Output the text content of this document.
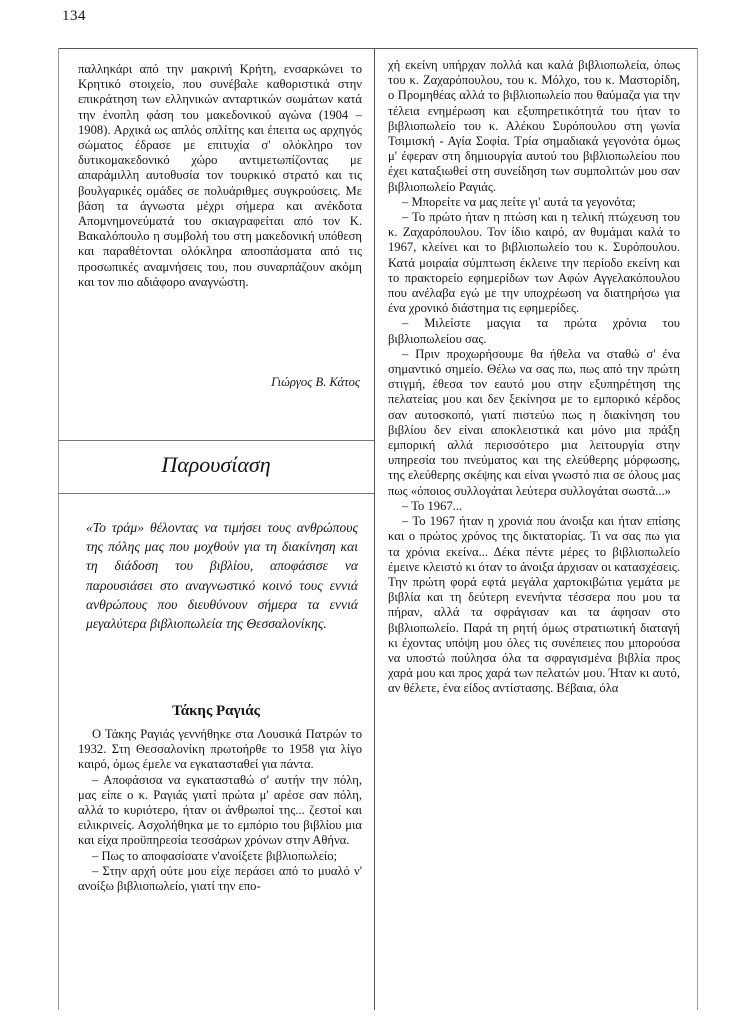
134

παλληκάρι από την μακρινή Κρήτη, ενσαρκώνει το Κρητικό στοιχείο, που συνέβαλε καθοριστικά στην επικράτηση των ελληνικών ανταρτικών σωμάτων κατά την ένοπλη φάση του μακεδονικού αγώνα (1904 – 1908). Αρχικά ως απλός οπλίτης και έπειτα ως αρχηγός σώματος έδρασε με επιτυχία σ' ολόκληρο τον δυτικομακεδονικό χώρο αντιμετωπίζοντας με απαράμιλλη αυτοθυσία τον τουρκικό στρατό και τις βουλγαρικές ομάδες σε πολυάριθμες συγκρούσεις. Με βάση τα άγνωστα μέχρι σήμερα και ανέκδοτα Απομνημονεύματά του σκιαγραφείται από τον Κ. Βακαλόπουλο η συμβολή του στη μακεδονική υπόθεση και παραθέτονται ολόκληρα αποσπάσματα από τις προσωπικές αναμνήσεις του, που συναρπάζουν ακόμη και τον πιο αδιάφορο αναγνώστη.

Γιώργος Β. Κάτος
Παρουσίαση
«Το τράμ» θέλοντας να τιμήσει τους ανθρώπους της πόλης μας που μοχθούν για τη διακίνηση και τη διάδοση του βιβλίου, αποφάσισε να παρουσιάσει στο αναγνωστικό κοινό τους εννιά ανθρώπους που διευθύνουν σήμερα τα εννιά μεγαλύτερα βιβλιοπωλεία της Θεσσαλονίκης.
Τάκης Ραγιάς

Ο Τάκης Ραγιάς γεννήθηκε στα Λουσικά Πατρών το 1932. Στη Θεσσαλονίκη πρωτοήρθε το 1958 για λίγο καιρό, όμως έμελε να εγκατασταθεί για πάντα.

– Αποφάσισα να εγκατασταθώ σ' αυτήν την πόλη, μας είπε ο κ. Ραγιάς γιατί πρώτα μ' αρέσε σαν πόλη, αλλά το κυριότερο, ήταν οι άνθρωποί της... ζεστοί και ειλικρινείς. Ασχολήθηκα με το εμπόριο του βιβλίου μια και είχα προϋπηρεσία τεσσάρων χρόνων στην Αθήνα.

– Πως το αποφασίσατε ν'ανοίξετε βιβλιοπωλείο;

– Στην αρχή ούτε μου είχε περάσει από το μυαλό ν' ανοίξω βιβλιοπωλείο, γιατί την επο-

χή εκείνη υπήρχαν πολλά και καλά βιβλιοπωλεία, όπως του κ. Ζαχαρόπουλου, του κ. Μόλχο, του κ. Μαστορίδη, ο Προμηθέας αλλά το βιβλιοπωλείο που θαύμαζα για την τέλεια ενημέρωση και εξυπηρετικότητά του ήταν το βιβλιοπωλείο του κ. Αλέκου Συρόπουλου στη γωνία Τσιμισκή - Αγία Σοφία. Τρία σημαδιακά γεγονότα όμως μ' έφεραν στη δημιουργία αυτού του βιβλιοπωλείου που έχει καταξιωθεί στη συνείδηση των συμπολιτών μου σαν βιβλιοπωλείο Ραγιάς.

– Μπορείτε να μας πείτε γι' αυτά τα γεγονότα;

– Το πρώτο ήταν η πτώση και η τελική πτώχευση του κ. Ζαχαρόπουλου. Τον ίδιο καιρό, αν θυμάμαι καλά το 1967, κλείνει και το βιβλιοπωλείο του κ. Συρόπουλου. Κατά μοιραία σύμπτωση έκλεινε την περίοδο εκείνη και το πρακτορείο εφημερίδων των Αφών Αγγελακόπουλου που ανέλαβα εγώ με την υποχρέωση να διατηρήσω για ένα χρονικό διάστημα τις εφημερίδες.

– Μιλείστε μαςγια τα πρώτα χρόνια του βιβλιοπωλείου σας.

– Πριν προχωρήσουμε θα ήθελα να σταθώ σ' ένα σημαντικό σημείο. Θέλω να σας πω, πως από την πρώτη στιγμή, έθεσα τον εαυτό μου στην εξυπηρέτηση της πελατείας μου και δεν ξεκίνησα με το εμπορικό κέρδος σαν αυτοσκοπό, γιατί πιστεύω πως η διακίνηση του βιβλίου δεν είναι αποκλειστικά και μόνο μια πράξη εμπορική αλλά περισσότερο μια λειτουργία στην υπηρεσία του πνεύματος και της ελεύθερης μόρφωσης, της ελεύθερης σκέψης και είναι γνωστό πια σε όλους μας πως «όποιος συλλογάται λεύτερα συλλογάται σωστά...»

– Το 1967...

– Το 1967 ήταν η χρονιά που άνοιξα και ήταν επίσης και ο πρώτος χρόνος της δικτατορίας. Τι να σας πω για τα χρόνια εκείνα... Δέκα πέντε μέρες το βιβλιοπωλείο έμεινε κλειστό κι όταν το άνοιξα άρχισαν οι κατασχέσεις. Την πρώτη φορά εφτά μεγάλα χαρτοκιβώτια γεμάτα με βιβλία και τη δεύτερη ενενήντα τέσσερα που μου τα πήραν, αλλά τα σφράγισαν και τα άφησαν στο βιβλιοπωλείο. Παρά τη ρητή όμως στρατιωτική διαταγή κι έχοντας υπόψη μου όλες τις συνέπειες που μπορούσα να υποστώ πούλησα όλα τα σφραγισμένα βιβλία προς χαρά μου και προς χαρά των πελατών μου. Ήταν κι αυτό, αν θέλετε, ένα είδος αντίστασης. Βέβαια, όλα
